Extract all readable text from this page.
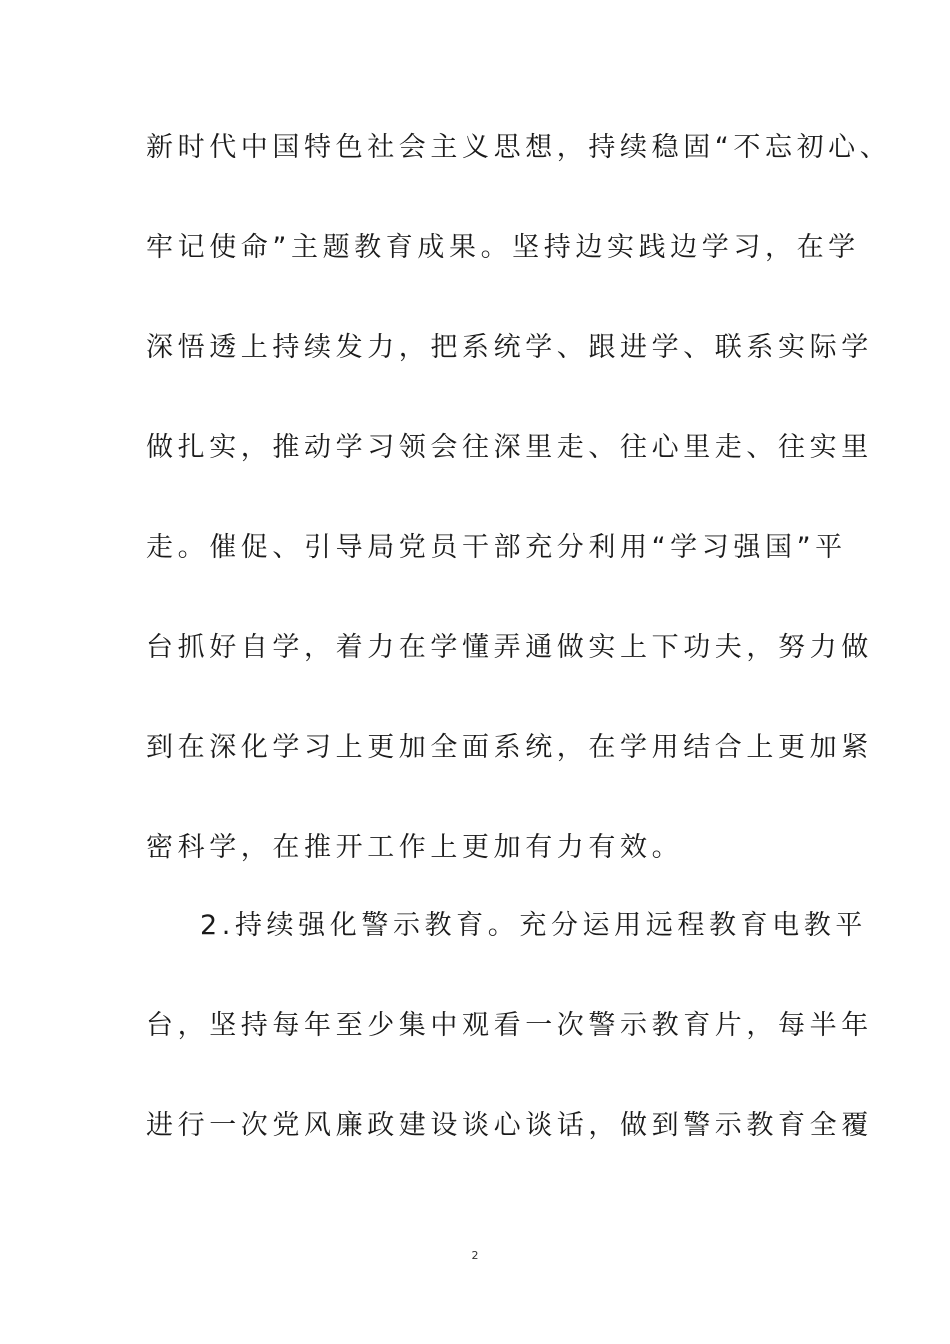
新时代中国特色社会主义思想，持续稳固“不忘初心、
牢记使命”主题教育成果。坚持边实践边学习，在学
深悟透上持续发力，把系统学、跟进学、联系实际学
做扎实，推动学习领会往深里走、往心里走、往实里
走。催促、引导局党员干部充分利用“学习强国”平
台抓好自学，着力在学懂弄通做实上下功夫，努力做
到在深化学习上更加全面系统，在学用结合上更加紧
密科学，在推开工作上更加有力有效。
2.持续强化警示教育。充分运用远程教育电教平
台，坚持每年至少集中观看一次警示教育片，每半年
进行一次党风廉政建设谈心谈话，做到警示教育全覆
2
